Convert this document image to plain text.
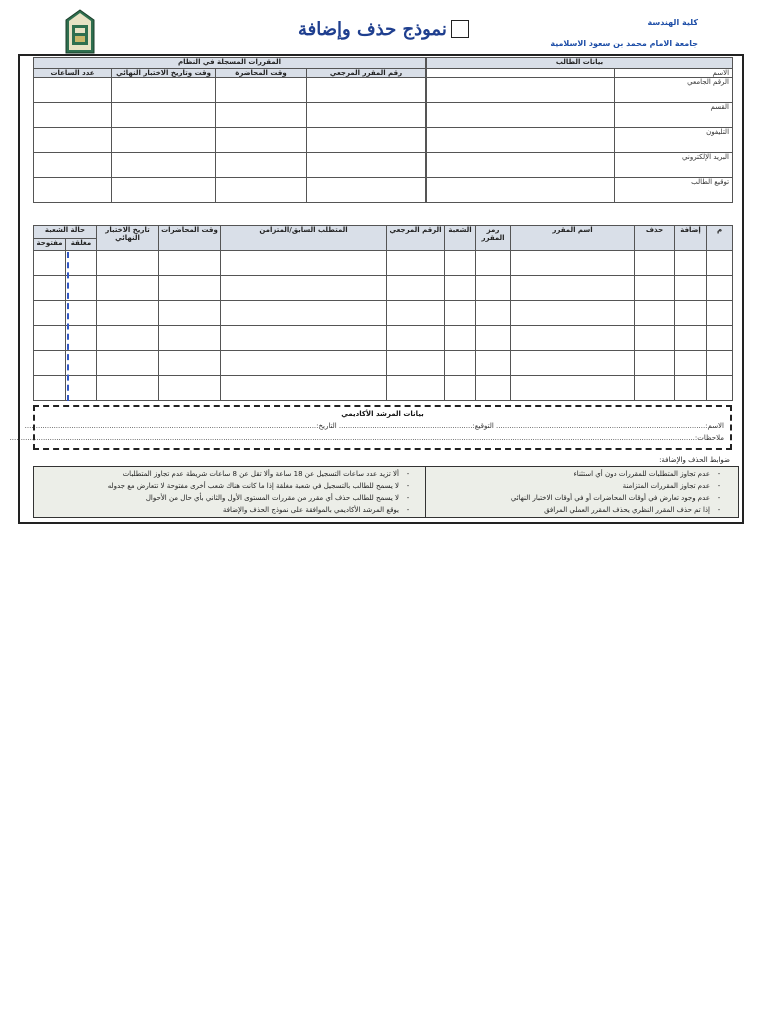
كلية الهندسة
جامعة الامام محمد بن سعود الاسلامية
نموذج حذف وإضافة
بيانات الطالب	
	الاسم
	الرقم الجامعي
	القسم
	التليفون
	البريد الإلكتروني
	توقيع الطالب
المقررات المسجلة في النظام			
عدد الساعات	وقت وتاريخ الاختبار النهائي	وقت المحاضرة	رقم المقرر المرجعي

حالة الشعبة		تاريخ الاختبار النهائي	وقت المحاضرات	المتطلب السابق/المتزامن	الرقم المرجعي	الشعبة	رمز المقرر	اسم المقرر	حذف	إضافة	م
مفتوحة	مغلقة										

بيانات المرشد الأكاديمي
الاسم:.............................................................................................. التوقيع:............................................................ التاريخ:...................................................................................................................................
ملاحظات:....................................................................................................................................................................................................................................................................................................................
ضوابط الحذف والإضافة:
- عدم تجاوز المتطلبات للمقررات دون أي استثناء
- عدم تجاوز المقررات المتزامنة
- عدم وجود تعارض في أوقات المحاضرات أو في أوقات الاختبار النهائي
- إذا تم حذف المقرر النظري يحذف المقرر العملي المرافق
- ألا تزيد عدد ساعات التسجيل عن 18 ساعة وألا تقل عن 8 ساعات شريطة عدم تجاوز المتطلبات
- لا يسمح للطالب بالتسجيل في شعبة مغلقة إذا ما كانت هناك شعب أخرى مفتوحة لا تتعارض مع جدوله
- لا يسمح للطالب حذف أي مقرر من مقررات المستوى الأول والثاني بأي حال من الأحوال
- يوقع المرشد الأكاديمي بالموافقة على نموذج الحذف والإضافة
